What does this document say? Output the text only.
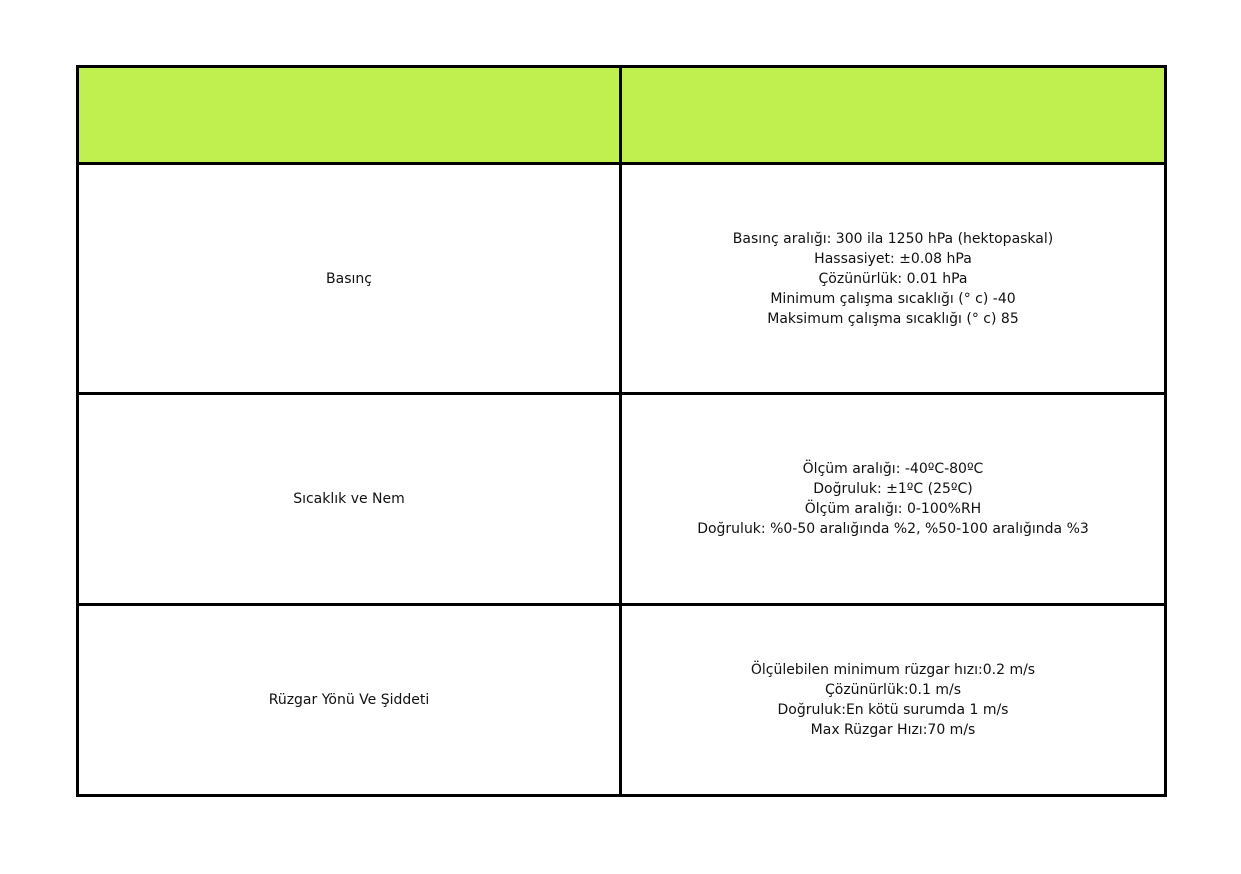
Basınç	Basınç aralığı: 300 ila 1250 hPa (hektopaskal)
Hassasiyet: ±0.08 hPa
Çözünürlük: 0.01 hPa
Minimum çalışma sıcaklığı (° c) -40
Maksimum çalışma sıcaklığı (° c) 85

Sıcaklık ve Nem	Ölçüm aralığı: -40ºC-80ºC
Doğruluk: ±1ºC (25ºC)
Ölçüm aralığı: 0-100%RH
Doğruluk: %0-50 aralığında %2, %50-100 aralığında %3

Rüzgar Yönü Ve Şiddeti	Ölçülebilen minimum rüzgar hızı:0.2 m/s
Çözünürlük:0.1 m/s
Doğruluk:En kötü surumda 1 m/s
Max Rüzgar Hızı:70 m/s
